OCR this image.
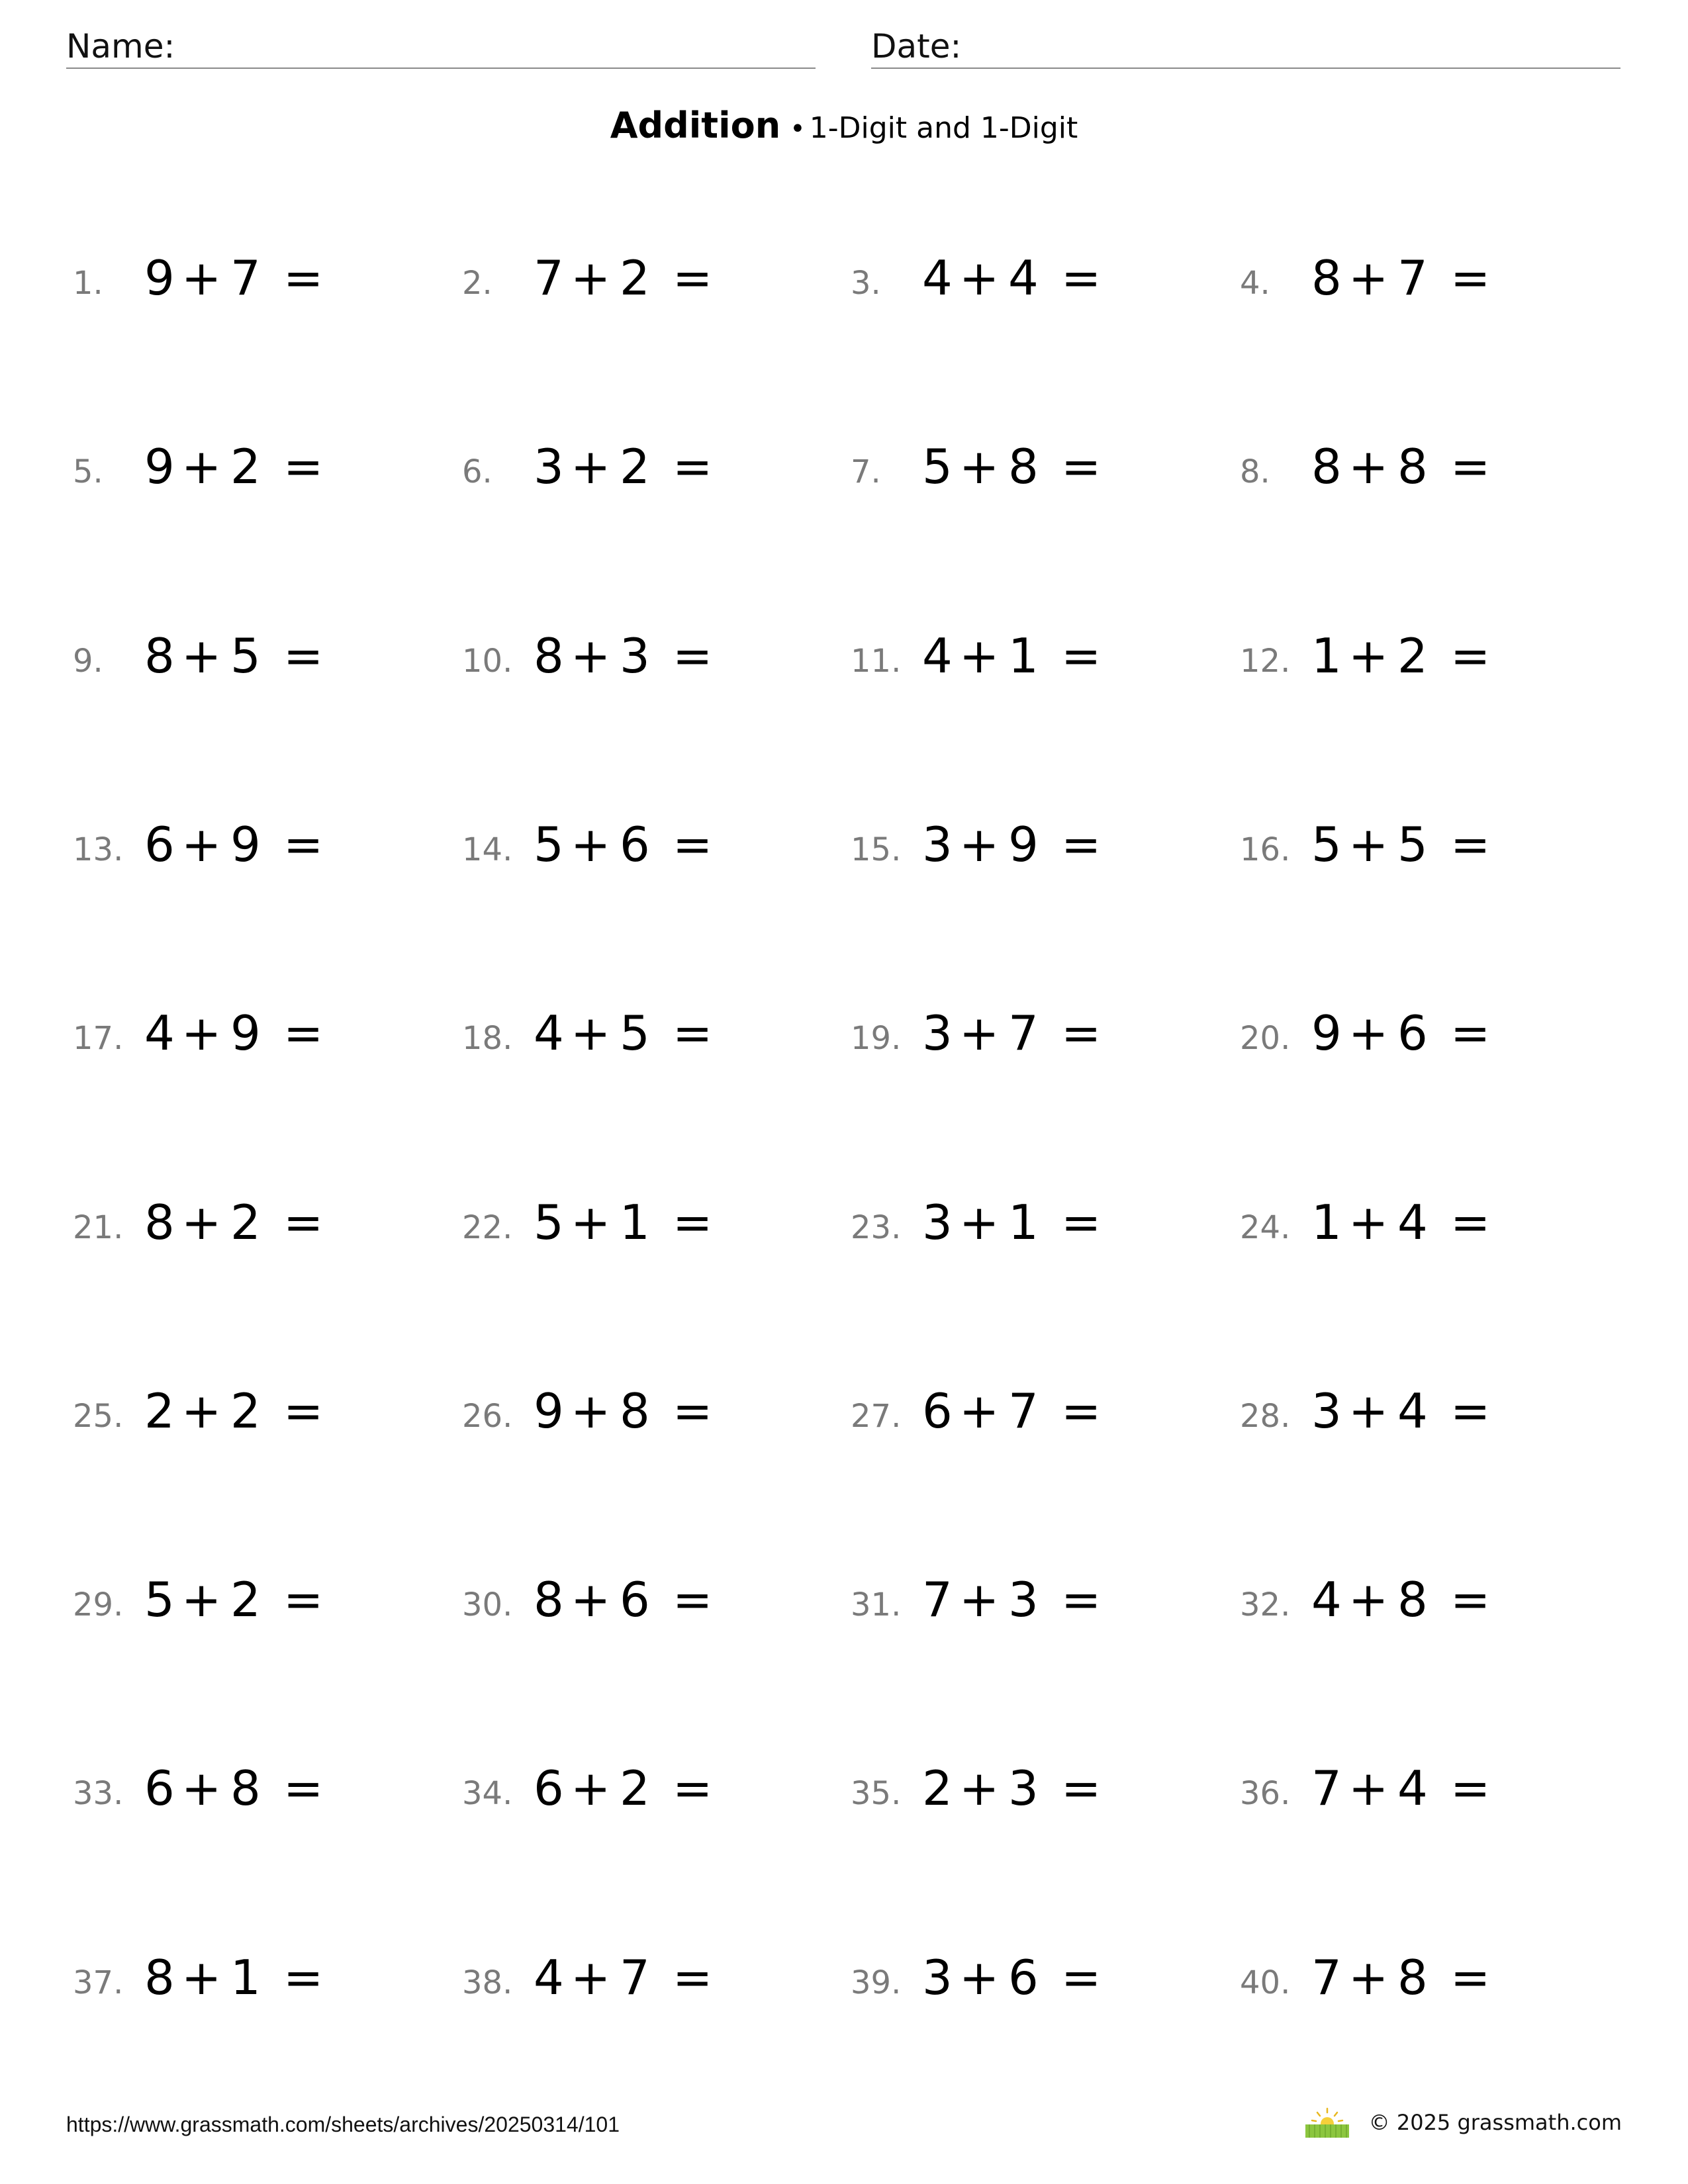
Name:	Date:
Addition • 1-Digit and 1-Digit
1. 9 + 7 =	2. 7 + 2 =	3. 4 + 4 =	4. 8 + 7 =
5. 9 + 2 =	6. 3 + 2 =	7. 5 + 8 =	8. 8 + 8 =
9. 8 + 5 =	10. 8 + 3 =	11. 4 + 1 =	12. 1 + 2 =
13. 6 + 9 =	14. 5 + 6 =	15. 3 + 9 =	16. 5 + 5 =
17. 4 + 9 =	18. 4 + 5 =	19. 3 + 7 =	20. 9 + 6 =
21. 8 + 2 =	22. 5 + 1 =	23. 3 + 1 =	24. 1 + 4 =
25. 2 + 2 =	26. 9 + 8 =	27. 6 + 7 =	28. 3 + 4 =
29. 5 + 2 =	30. 8 + 6 =	31. 7 + 3 =	32. 4 + 8 =
33. 6 + 8 =	34. 6 + 2 =	35. 2 + 3 =	36. 7 + 4 =
37. 8 + 1 =	38. 4 + 7 =	39. 3 + 6 =	40. 7 + 8 =
https://www.grassmath.com/sheets/archives/20250314/101	© 2025 grassmath.com
